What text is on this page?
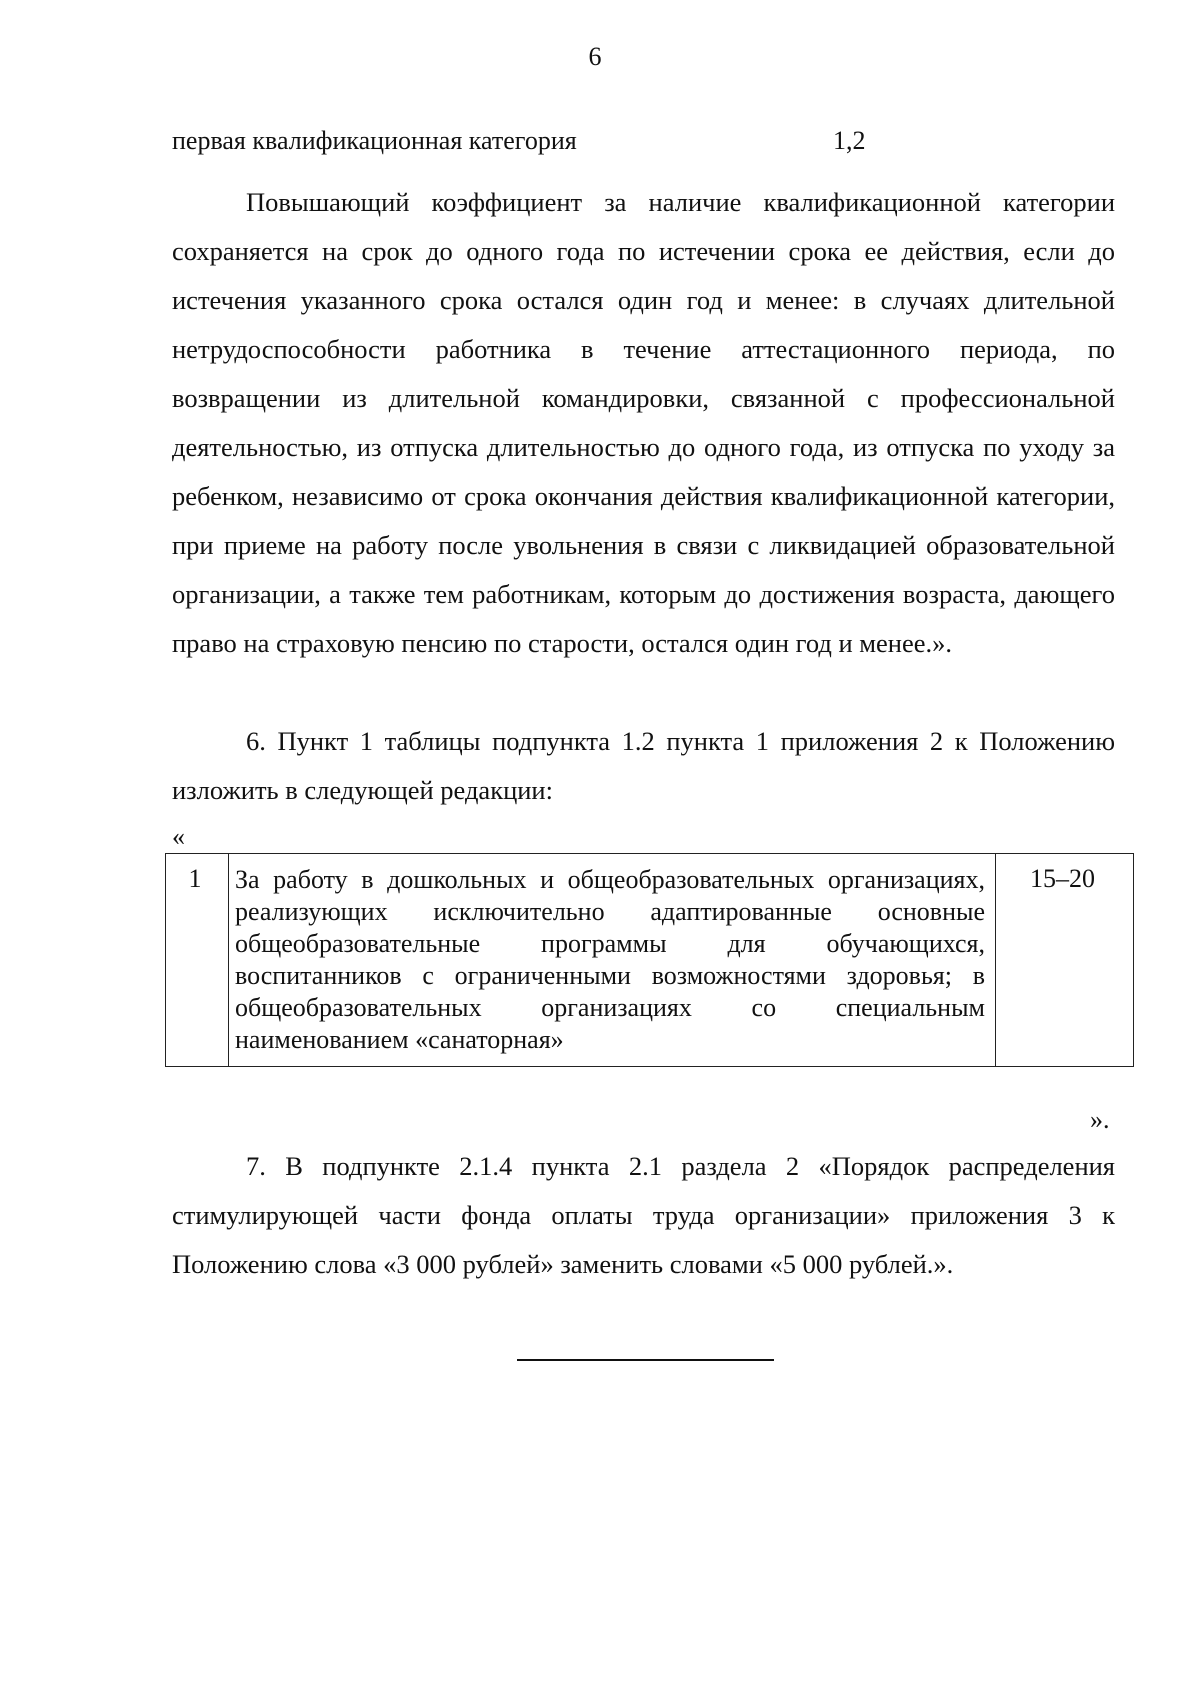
6
первая квалификационная категория	1,2

Повышающий коэффициент за наличие квалификационной категории сохраняется на срок до одного года по истечении срока ее действия, если до истечения указанного срока остался один год и менее: в случаях длительной нетрудоспособности работника в течение аттестационного периода, по возвращении из длительной командировки, связанной с профессиональной деятельностью, из отпуска длительностью до одного года, из отпуска по уходу за ребенком, независимо от срока окончания действия квалификационной категории, при приеме на работу после увольнения в связи с ликвидацией образовательной организации, а также тем работникам, которым до достижения возраста, дающего право на страховую пенсию по старости, остался один год и менее.».

6. Пункт 1 таблицы подпункта 1.2 пункта 1 приложения 2 к Положению изложить в следующей редакции:

«
1	За работу в дошкольных и общеобразовательных организациях, реализующих исключительно адаптированные основные общеобразовательные программы для обучающихся, воспитанников с ограниченными возможностями здоровья; в общеобразовательных организациях со специальным наименованием «санаторная»	15–20
».

7. В подпункте 2.1.4 пункта 2.1 раздела 2 «Порядок распределения стимулирующей части фонда оплаты труда организации» приложения 3 к Положению слова «3 000 рублей» заменить словами «5 000 рублей.».
